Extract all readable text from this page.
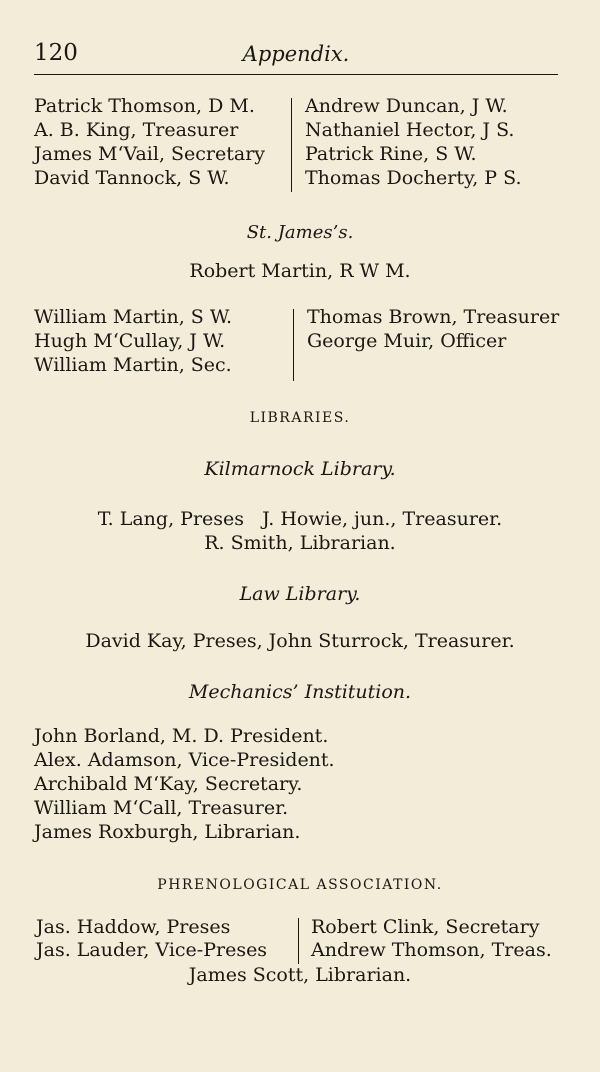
120	Appendix.
Patrick Thomson, D M.
A. B. King, Treasurer
James M‘Vail, Secretary
David Tannock, S W.
Andrew Duncan, J W.
Nathaniel Hector, J S.
Patrick Rine, S W.
Thomas Docherty, P S.
St. James’s.
Robert Martin, R W M.
William Martin, S W.
Hugh M‘Cullay, J W.
William Martin, Sec.
Thomas Brown, Treasurer
George Muir, Officer
LIBRARIES.
Kilmarnock Library.
T. Lang, Preses   J. Howie, jun., Treasurer.
R. Smith, Librarian.
Law Library.
David Kay, Preses, John Sturrock, Treasurer.
Mechanics’ Institution.
John Borland, M. D. President.
Alex. Adamson, Vice-President.
Archibald M‘Kay, Secretary.
William M‘Call, Treasurer.
James Roxburgh, Librarian.
PHRENOLOGICAL ASSOCIATION.
Jas. Haddow, Preses
Jas. Lauder, Vice-Preses
Robert Clink, Secretary
Andrew Thomson, Treas.
James Scott, Librarian.
